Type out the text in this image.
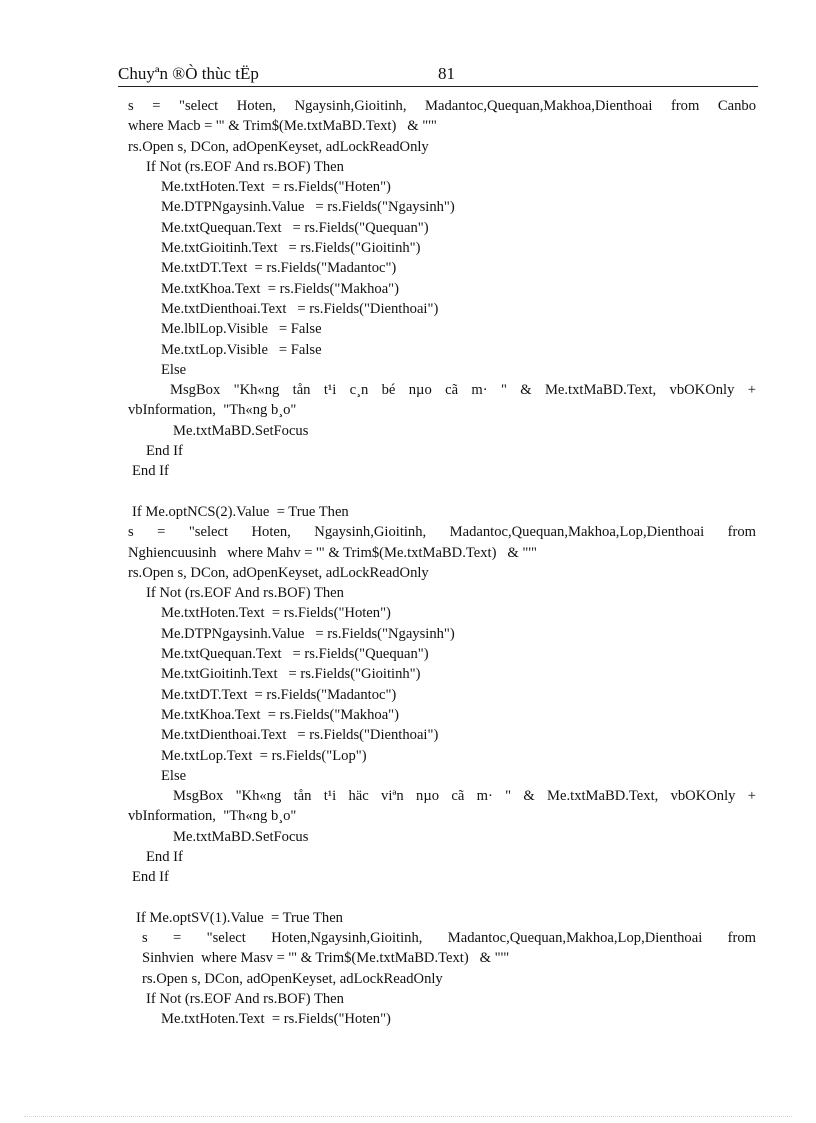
Chuyªn ®Ò thùc tËp	81
s = "select Hoten, Ngaysinh,Gioitinh, Madantoc,Quequan,Makhoa,Dienthoai from Canbo
where Macb = '" & Trim$(Me.txtMaBD.Text)   & "'"
rs.Open s, DCon, adOpenKeyset, adLockReadOnly
If Not (rs.EOF And rs.BOF) Then
Me.txtHoten.Text  = rs.Fields("Hoten")
Me.DTPNgaysinh.Value   = rs.Fields("Ngaysinh")
Me.txtQuequan.Text   = rs.Fields("Quequan")
Me.txtGioitinh.Text   = rs.Fields("Gioitinh")
Me.txtDT.Text  = rs.Fields("Madantoc")
Me.txtKhoa.Text  = rs.Fields("Makhoa")
Me.txtDienthoai.Text   = rs.Fields("Dienthoai")
Me.lblLop.Visible   = False
Me.txtLop.Visible   = False
Else
MsgBox "Kh«ng tån t¹i c¸n bé nµo cã m· " & Me.txtMaBD.Text, vbOKOnly +
vbInformation,  "Th«ng b¸o"
Me.txtMaBD.SetFocus
End If
End If
If Me.optNCS(2).Value  = True Then
s = "select Hoten, Ngaysinh,Gioitinh, Madantoc,Quequan,Makhoa,Lop,Dienthoai from
Nghiencuusinh   where Mahv = '" & Trim$(Me.txtMaBD.Text)   & "'"
rs.Open s, DCon, adOpenKeyset, adLockReadOnly
If Not (rs.EOF And rs.BOF) Then
Me.txtHoten.Text  = rs.Fields("Hoten")
Me.DTPNgaysinh.Value   = rs.Fields("Ngaysinh")
Me.txtQuequan.Text   = rs.Fields("Quequan")
Me.txtGioitinh.Text   = rs.Fields("Gioitinh")
Me.txtDT.Text  = rs.Fields("Madantoc")
Me.txtKhoa.Text  = rs.Fields("Makhoa")
Me.txtDienthoai.Text   = rs.Fields("Dienthoai")
Me.txtLop.Text  = rs.Fields("Lop")
Else
MsgBox "Kh«ng tån t¹i häc viªn nµo cã m· " & Me.txtMaBD.Text, vbOKOnly +
vbInformation,  "Th«ng b¸o"
Me.txtMaBD.SetFocus
End If
End If
If Me.optSV(1).Value  = True Then
s = "select Hoten,Ngaysinh,Gioitinh, Madantoc,Quequan,Makhoa,Lop,Dienthoai from
Sinhvien  where Masv = '" & Trim$(Me.txtMaBD.Text)   & "'"
rs.Open s, DCon, adOpenKeyset, adLockReadOnly
If Not (rs.EOF And rs.BOF) Then
Me.txtHoten.Text  = rs.Fields("Hoten")
